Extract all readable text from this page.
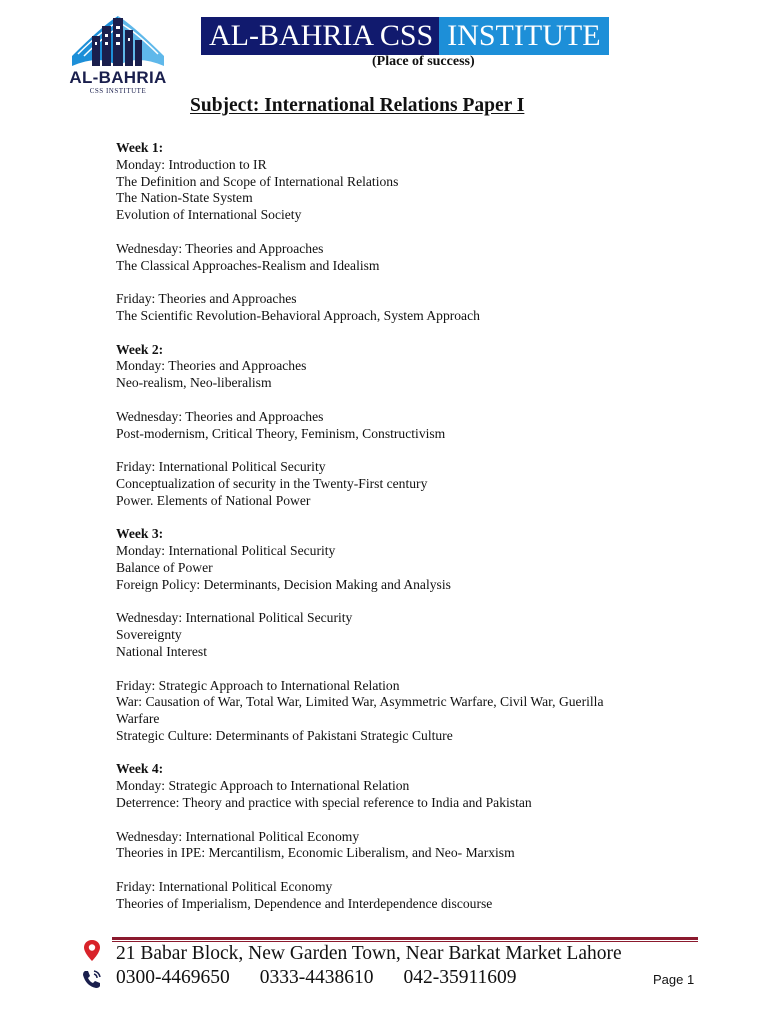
AL-BAHRIA
CSS INSTITUTE
AL-BAHRIA CSS INSTITUTE
(Place of success)
Subject: International Relations Paper I
Week 1:
Monday: Introduction to IR
The Definition and Scope of International Relations
The Nation-State System
Evolution of International Society
Wednesday: Theories and Approaches
The Classical Approaches-Realism and Idealism
Friday: Theories and Approaches
The Scientific Revolution-Behavioral Approach, System Approach
Week 2:
Monday: Theories and Approaches
Neo-realism, Neo-liberalism
Wednesday: Theories and Approaches
Post-modernism, Critical Theory, Feminism, Constructivism
Friday: International Political Security
Conceptualization of security in the Twenty-First century
Power. Elements of National Power
Week 3:
Monday: International Political Security
Balance of Power
Foreign Policy: Determinants, Decision Making and Analysis
Wednesday: International Political Security
Sovereignty
National Interest
Friday: Strategic Approach to International Relation
War: Causation of War, Total War, Limited War, Asymmetric Warfare, Civil War, Guerilla
Warfare
Strategic Culture: Determinants of Pakistani Strategic Culture
Week 4:
Monday: Strategic Approach to International Relation
Deterrence: Theory and practice with special reference to India and Pakistan
Wednesday: International Political Economy
Theories in IPE: Mercantilism, Economic Liberalism, and Neo- Marxism
Friday: International Political Economy
Theories of Imperialism, Dependence and Interdependence discourse
21 Babar Block, New Garden Town, Near Barkat Market Lahore
0300-4469650 0333-4438610 042-35911609	Page 1
